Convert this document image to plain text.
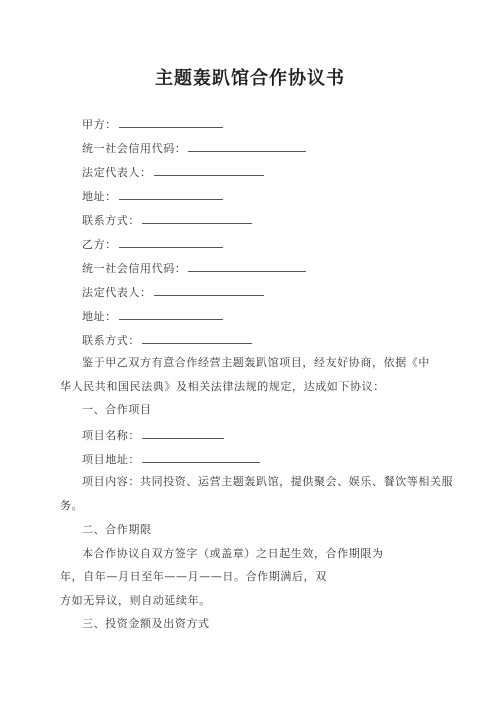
主题轰趴馆合作协议书
甲方：
统一社会信用代码：
法定代表人：
地址：
联系方式：
乙方：
统一社会信用代码：
法定代表人：
地址：
联系方式：
鉴于甲乙双方有意合作经营主题轰趴馆项目，经友好协商，依据《中
华人民共和国民法典》及相关法律法规的规定，达成如下协议：
一、合作项目
项目名称：
项目地址：
项目内容：共同投资、运营主题轰趴馆，提供聚会、娱乐、餐饮等相关服
务。
二、合作期限
本合作协议自双方签字（或盖章）之日起生效，合作期限为
年，自年—月日至年——月——日。合作期满后，双
方如无异议，则自动延续年。
三、投资金额及出资方式
